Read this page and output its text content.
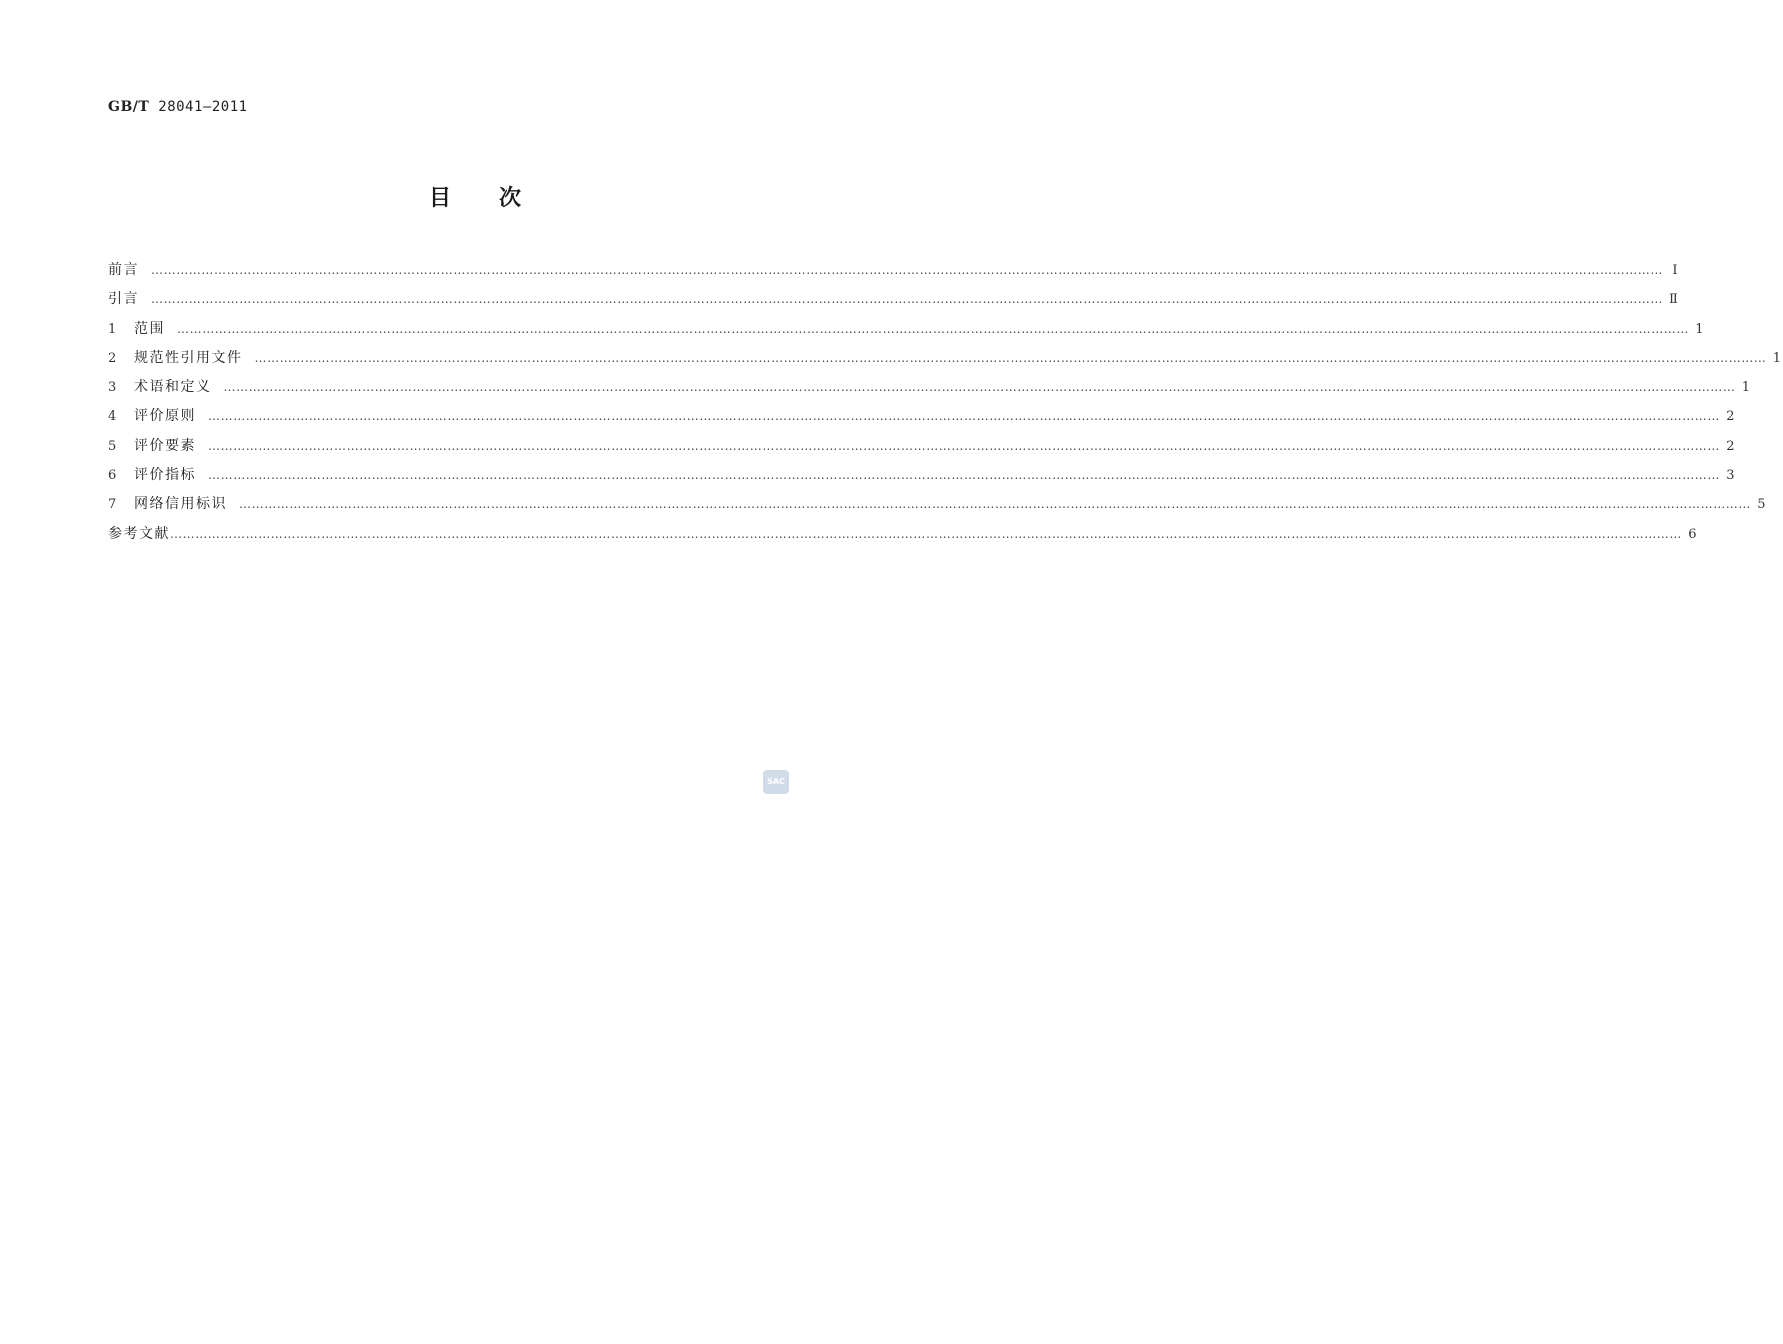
GB/T 28041—2011
目次
前言	……………………………………………………………………………………………………………………………………………………………………………………………………………………………………………………………………………………………………………………………… Ⅰ
引言	……………………………………………………………………………………………………………………………………………………………………………………………………………………………………………………………………………………………………………………………… Ⅱ
1	范围	……………………………………………………………………………………………………………………………………………………………………………………………………………………………………………………………………………………………………………………………… 1
2	规范性引用文件	……………………………………………………………………………………………………………………………………………………………………………………………………………………………………………………………………………………………………………………………… 1
3	术语和定义	……………………………………………………………………………………………………………………………………………………………………………………………………………………………………………………………………………………………………………………………… 1
4	评价原则	……………………………………………………………………………………………………………………………………………………………………………………………………………………………………………………………………………………………………………………………… 2
5	评价要素	……………………………………………………………………………………………………………………………………………………………………………………………………………………………………………………………………………………………………………………………… 2
6	评价指标	……………………………………………………………………………………………………………………………………………………………………………………………………………………………………………………………………………………………………………………………… 3
7	网络信用标识	……………………………………………………………………………………………………………………………………………………………………………………………………………………………………………………………………………………………………………………………… 5
参考文献 ……………………………………………………………………………………………………………………………………………………………………………………………………………………………………………………………………………………………………………………………… 6
SAC
